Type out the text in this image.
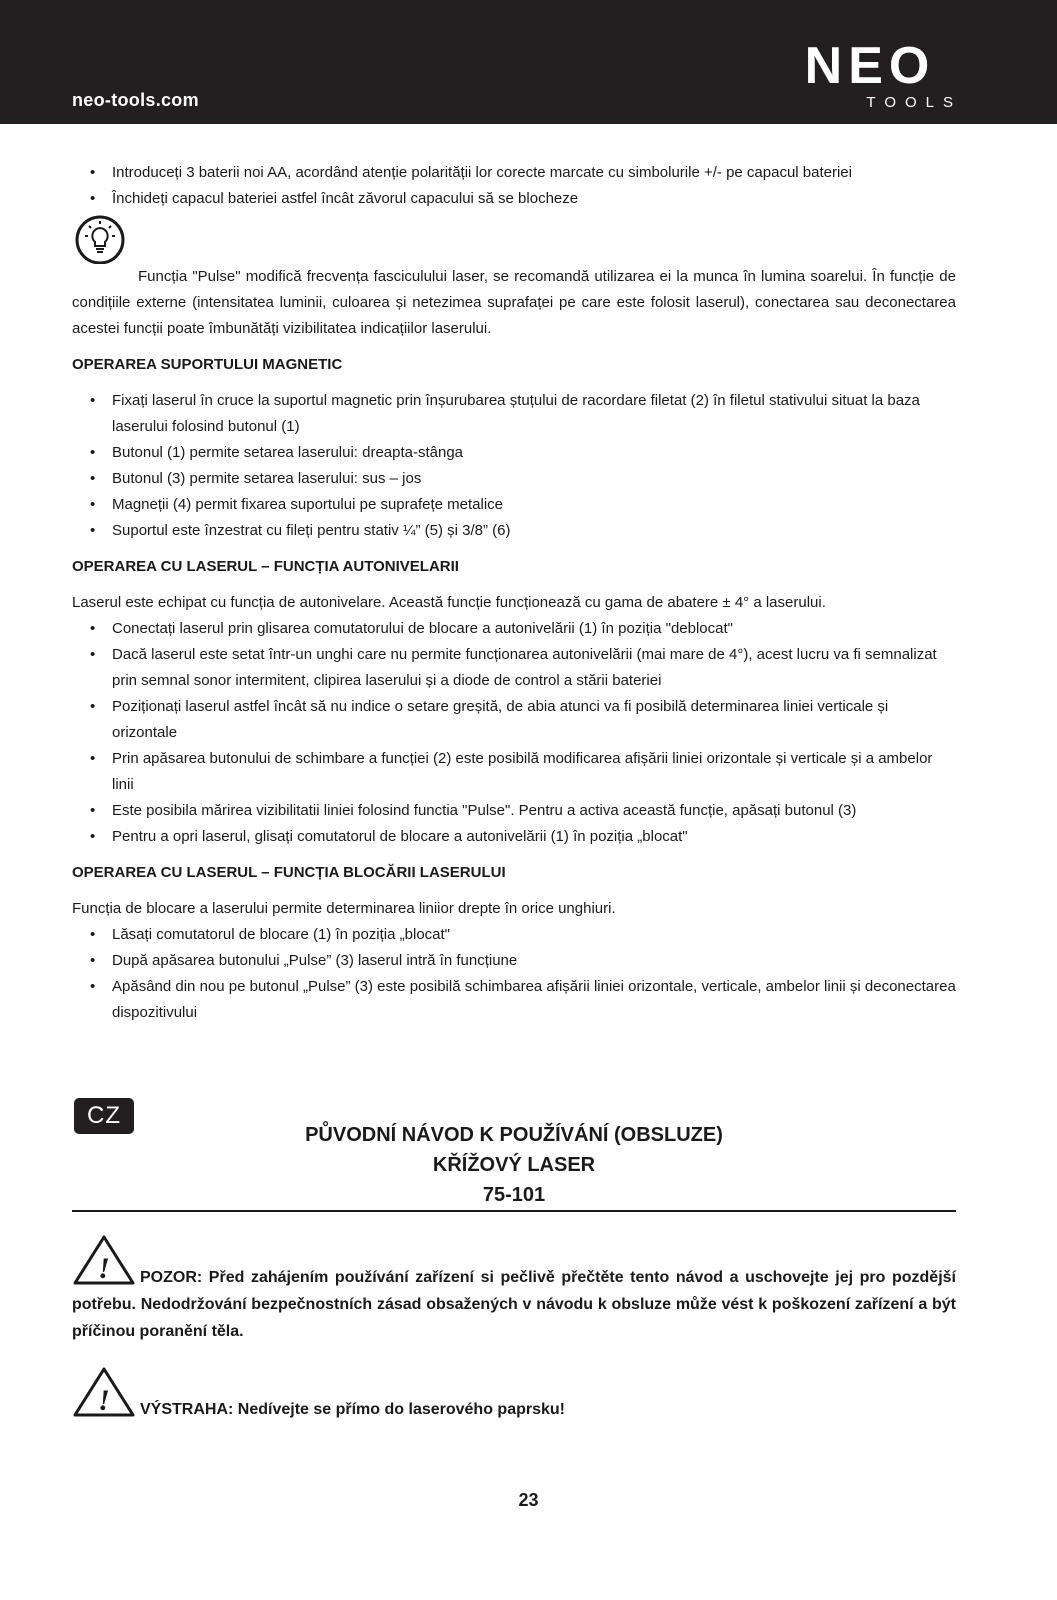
neo-tools.com
NEO
TOOLS
• Introduceți 3 baterii noi AA, acordând atenție polarității lor corecte marcate cu simbolurile +/- pe capacul bateriei
• Închideți capacul bateriei astfel încât zăvorul capacului să se blocheze

Funcția "Pulse" modifică frecvența fasciculului laser, se recomandă utilizarea ei la munca în lumina soarelui. În funcție de condițiile externe (intensitatea luminii, culoarea și netezimea suprafaței pe care este folosit laserul), conectarea sau deconectarea acestei funcții poate îmbunătăți vizibilitatea indicațiilor laserului.

OPERAREA SUPORTULUI MAGNETIC
• Fixați laserul în cruce la suportul magnetic prin înșurubarea ștuțului de racordare filetat (2) în filetul stativului situat la baza laserului folosind butonul (1)
• Butonul (1) permite setarea laserului: dreapta-stânga
• Butonul (3) permite setarea laserului: sus – jos
• Magneții (4) permit fixarea suportului pe suprafețe metalice
• Suportul este înzestrat cu fileți pentru stativ ¼” (5) și 3/8” (6)
OPERAREA CU LASERUL – FUNCȚIA AUTONIVELARII

Laserul este echipat cu funcția de autonivelare. Această funcție funcționează cu gama de abatere ± 4° a laserului.

• Conectați laserul prin glisarea comutatorului de blocare a autonivelării (1) în poziția "deblocat"
• Dacă laserul este setat într-un unghi care nu permite funcționarea autonivelării (mai mare de 4°), acest lucru va fi semnalizat prin semnal sonor intermitent, clipirea laserului și a diode de control a stării bateriei
• Poziționați laserul astfel încât să nu indice o setare greșită, de abia atunci va fi posibilă determinarea liniei verticale și orizontale
• Prin apăsarea butonului de schimbare a funcției (2) este posibilă modificarea afișării liniei orizontale și verticale și a ambelor linii
• Este posibila mărirea vizibilitatii liniei folosind functia "Pulse". Pentru a activa această funcție, apăsați butonul (3)
• Pentru a opri laserul, glisați comutatorul de blocare a autonivelării (1) în poziția „blocat"
OPERAREA CU LASERUL – FUNCȚIA BLOCĂRII LASERULUI

Funcția de blocare a laserului permite determinarea liniior drepte în orice unghiuri.

• Lăsați comutatorul de blocare (1) în poziția „blocat"
• După apăsarea butonului „Pulse” (3) laserul intră în funcțiune
• Apăsând din nou pe butonul „Pulse” (3) este posibilă schimbarea afișării liniei orizontale, verticale, ambelor linii și deconectarea dispozitivului
CZ
PŮVODNÍ NÁVOD K POUŽÍVÁNÍ (OBSLUZE)
KŘÍŽOVÝ LASER
75-101
! POZOR: Před zahájením používání zařízení si pečlivě přečtěte tento návod a uschovejte jej pro pozdější potřebu. Nedodržování bezpečnostních zásad obsažených v návodu k obsluze může vést k poškození zařízení a být příčinou poranění těla.
! VÝSTRAHA: Nedívejte se přímo do laserového paprsku!
23
